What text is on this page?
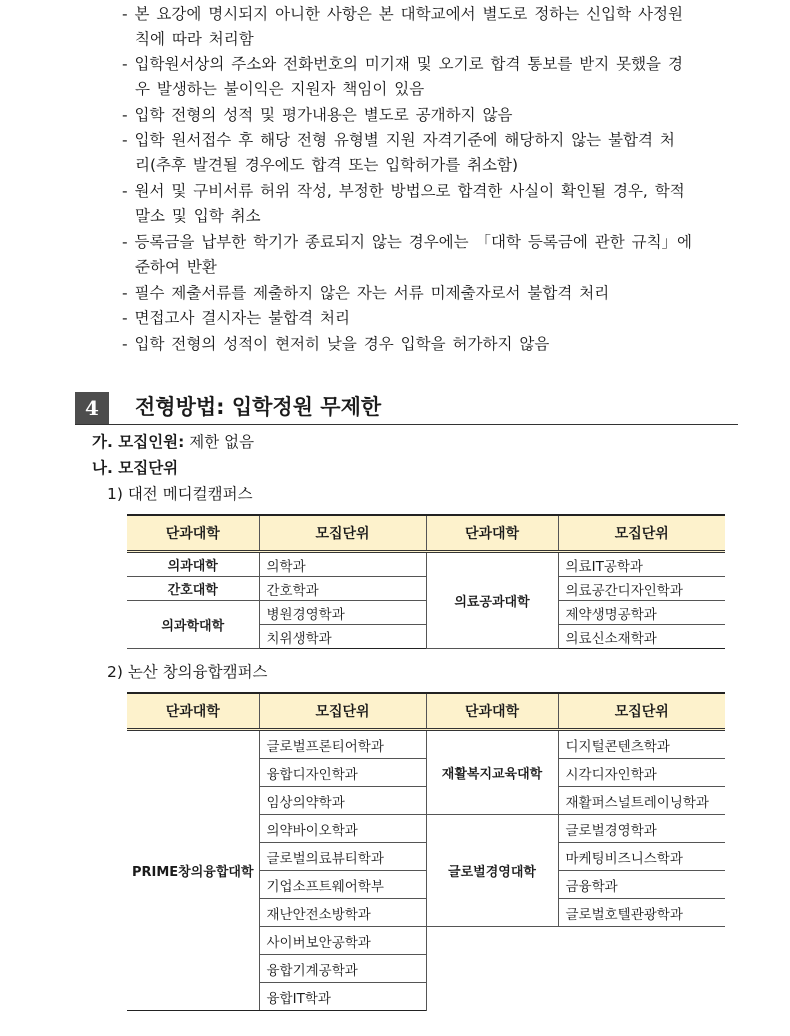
- 본 요강에 명시되지 아니한 사항은 본 대학교에서 별도로 정하는 신입학 사정원
칙에 따라 처리함
- 입학원서상의 주소와 전화번호의 미기재 및 오기로 합격 통보를 받지 못했을 경
우 발생하는 불이익은 지원자 책임이 있음
- 입학 전형의 성적 및 평가내용은 별도로 공개하지 않음
- 입학 원서접수 후 해당 전형 유형별 지원 자격기준에 해당하지 않는 불합격 처
리(추후 발견될 경우에도 합격 또는 입학허가를 취소함)
- 원서 및 구비서류 허위 작성, 부정한 방법으로 합격한 사실이 확인될 경우, 학적
말소 및 입학 취소
- 등록금을 납부한 학기가 종료되지 않는 경우에는 「대학 등록금에 관한 규칙」에
준하여 반환
- 필수 제출서류를 제출하지 않은 자는 서류 미제출자로서 불합격 처리
- 면접고사 결시자는 불합격 처리
- 입학 전형의 성적이 현저히 낮을 경우 입학을 허가하지 않음
4	전형방법: 입학정원 무제한
가. 모집인원: 제한 없음
나. 모집단위
1) 대전 메디컬캠퍼스
단과대학	모집단위	단과대학	모집단위
의과대학	의학과	의료공과대학	의료IT공학과
간호대학	간호학과		의료공간디자인학과
의과학대학	병원경영학과		제약생명공학과
	치위생학과		의료신소재학과
2) 논산 창의융합캠퍼스
단과대학	모집단위	단과대학	모집단위
PRIME창의융합대학	글로벌프론티어학과	재활복지교육대학	디지털콘텐츠학과
	융합디자인학과		시각디자인학과
	임상의약학과		재활퍼스널트레이닝학과
	의약바이오학과	글로벌경영대학	글로벌경영학과
	글로벌의료뷰티학과		마케팅비즈니스학과
	기업소프트웨어학부		금융학과
	재난안전소방학과		글로벌호텔관광학과
	사이버보안공학과		
	융합기계공학과		
	융합IT학과		
